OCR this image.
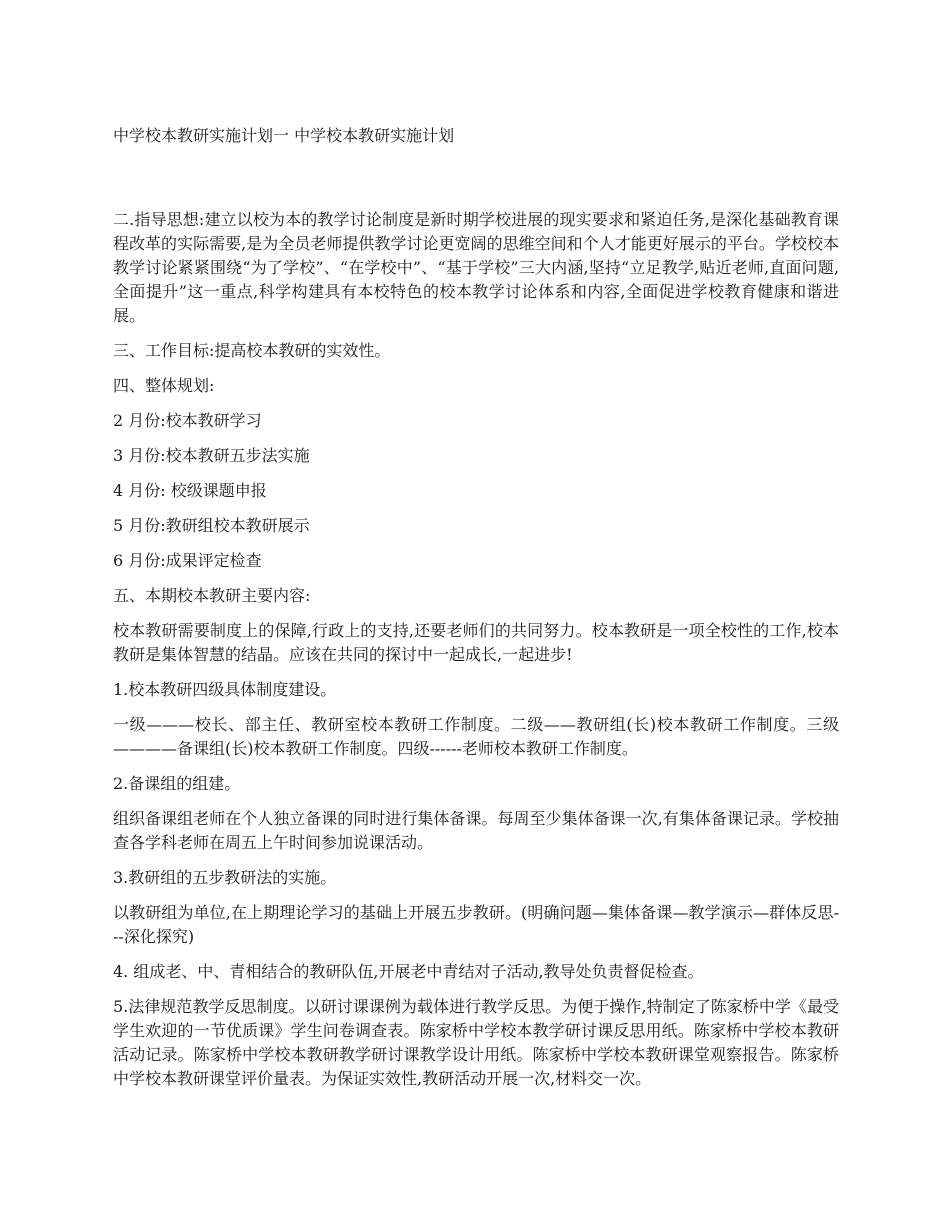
中学校本教研实施计划一 中学校本教研实施计划

二.指导思想:建立以校为本的教学讨论制度是新时期学校进展的现实要求和紧迫任务,是深化基础教育课程改革的实际需要,是为全员老师提供教学讨论更宽阔的思维空间和个人才能更好展示的平台。学校校本教学讨论紧紧围绕“为了学校”、“在学校中”、“基于学校”三大内涵,坚持“立足教学,贴近老师,直面问题,全面提升”这一重点,科学构建具有本校特色的校本教学讨论体系和内容,全面促进学校教育健康和谐进展。

三、工作目标:提高校本教研的实效性。

四、整体规划:

2 月份:校本教研学习

3 月份:校本教研五步法实施

4 月份: 校级课题申报

5 月份:教研组校本教研展示

6 月份:成果评定检查

五、本期校本教研主要内容:

校本教研需要制度上的保障,行政上的支持,还要老师们的共同努力。校本教研是一项全校性的工作,校本教研是集体智慧的结晶。应该在共同的探讨中一起成长,一起进步!

1.校本教研四级具体制度建设。

一级———校长、部主任、教研室校本教研工作制度。二级——教研组(长)校本教研工作制度。三级————备课组(长)校本教研工作制度。四级------老师校本教研工作制度。

2.备课组的组建。

组织备课组老师在个人独立备课的同时进行集体备课。每周至少集体备课一次,有集体备课记录。学校抽查各学科老师在周五上午时间参加说课活动。

3.教研组的五步教研法的实施。

以教研组为单位,在上期理论学习的基础上开展五步教研。(明确问题—集体备课—教学演示—群体反思---深化探究)

4. 组成老、中、青相结合的教研队伍,开展老中青结对子活动,教导处负责督促检查。

5.法律规范教学反思制度。以研讨课课例为载体进行教学反思。为便于操作,特制定了陈家桥中学《最受学生欢迎的一节优质课》学生问卷调查表。陈家桥中学校本教学研讨课反思用纸。陈家桥中学校本教研活动记录。陈家桥中学校本教研教学研讨课教学设计用纸。陈家桥中学校本教研课堂观察报告。陈家桥中学校本教研课堂评价量表。为保证实效性,教研活动开展一次,材料交一次。
